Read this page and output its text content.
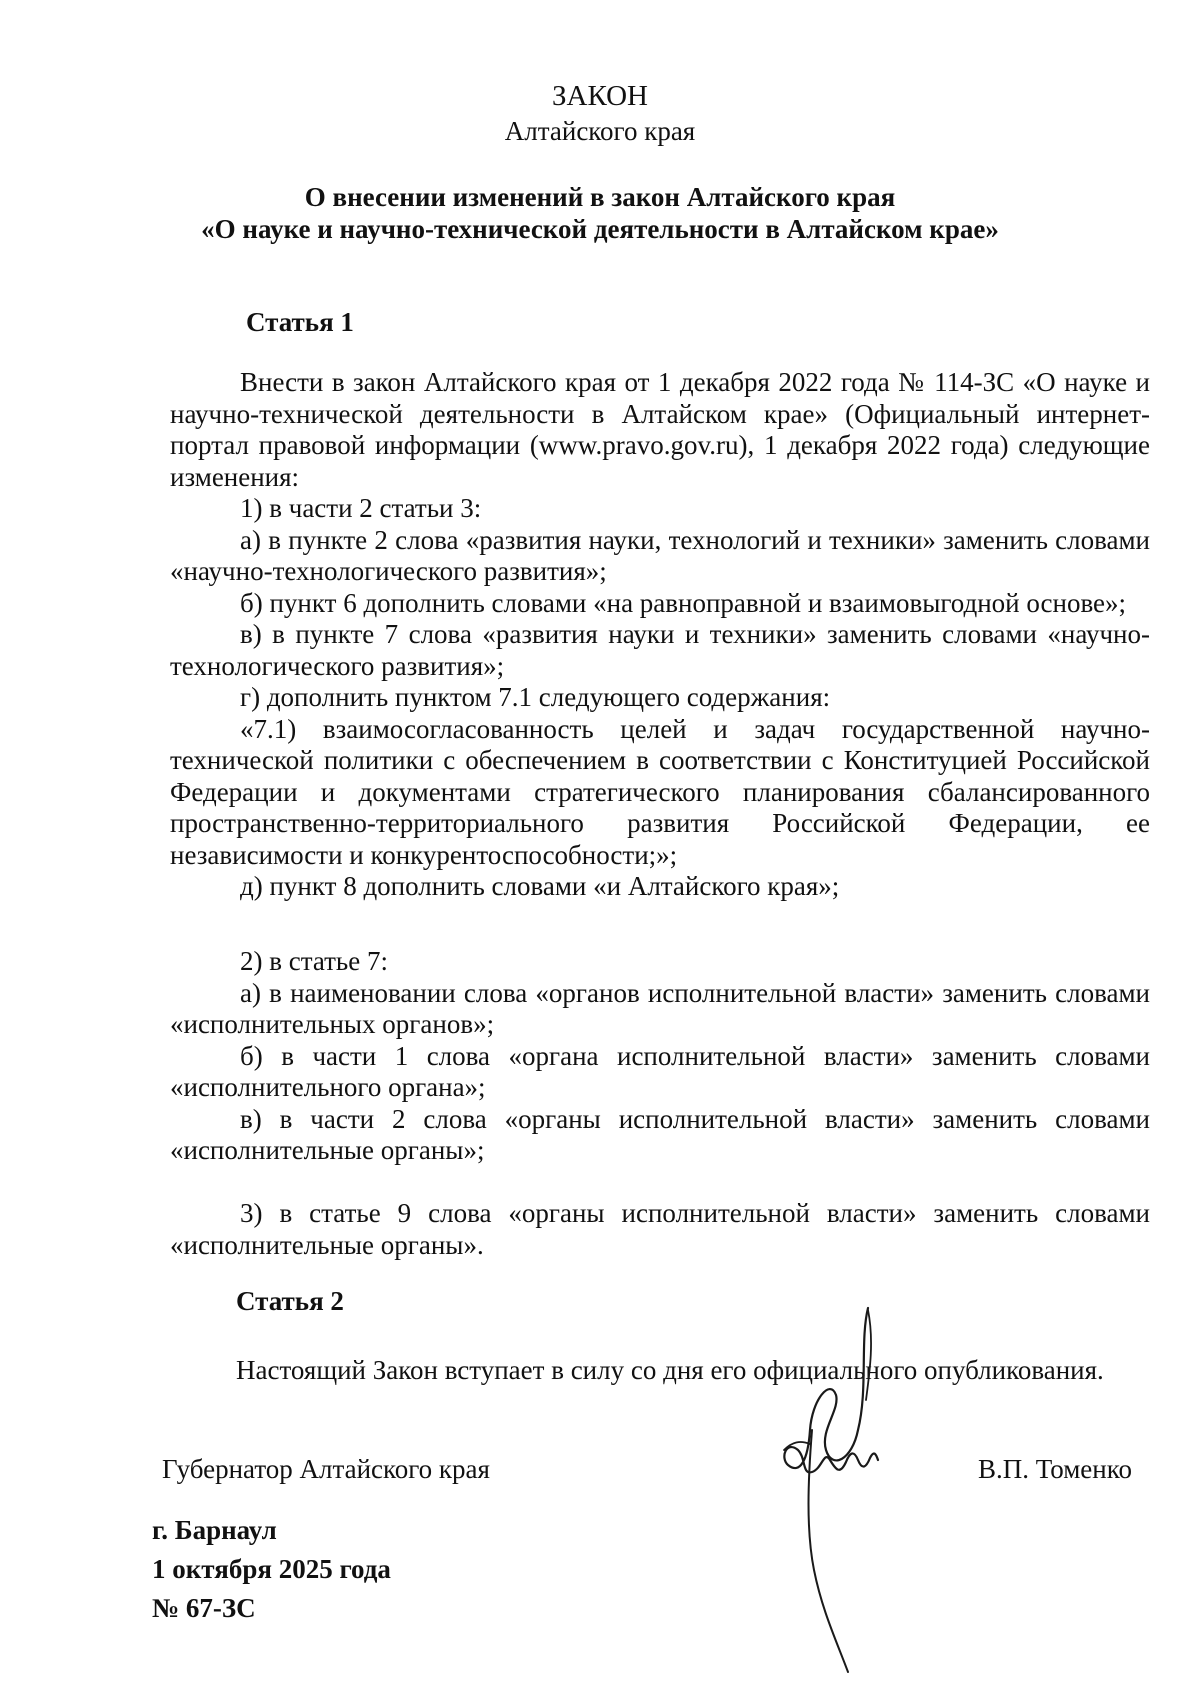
ЗАКОН
Алтайского края
О внесении изменений в закон Алтайского края
«О науке и научно-технической деятельности в Алтайском крае»
Статья 1

Внести в закон Алтайского края от 1 декабря 2022 года № 114-ЗС «О науке и научно-технической деятельности в Алтайском крае» (Официальный интернет-портал правовой информации (www.pravo.gov.ru), 1 декабря 2022 года) следующие изменения:

1) в части 2 статьи 3:

а) в пункте 2 слова «развития науки, технологий и техники» заменить словами «научно-технологического развития»;

б) пункт 6 дополнить словами «на равноправной и взаимовыгодной основе»;

в) в пункте 7 слова «развития науки и техники» заменить словами «научно-технологического развития»;

г) дополнить пунктом 7.1 следующего содержания:

«7.1) взаимосогласованность целей и задач государственной научно-технической политики с обеспечением в соответствии с Конституцией Российской Федерации и документами стратегического планирования сбалансированного пространственно-территориального развития Российской Федерации, ее независимости и конкурентоспособности;»;

д) пункт 8 дополнить словами «и Алтайского края»;

2) в статье 7:

а) в наименовании слова «органов исполнительной власти» заменить словами «исполнительных органов»;

б) в части 1 слова «органа исполнительной власти» заменить словами «исполнительного органа»;

в) в части 2 слова «органы исполнительной власти» заменить словами «исполнительные органы»;

3) в статье 9 слова «органы исполнительной власти» заменить словами «исполнительные органы».

Статья 2

Настоящий Закон вступает в силу со дня его официального опубликования.

Губернатор Алтайского края	В.П. Томенко
г. Барнаул
1 октября 2025 года
№ 67-ЗС
